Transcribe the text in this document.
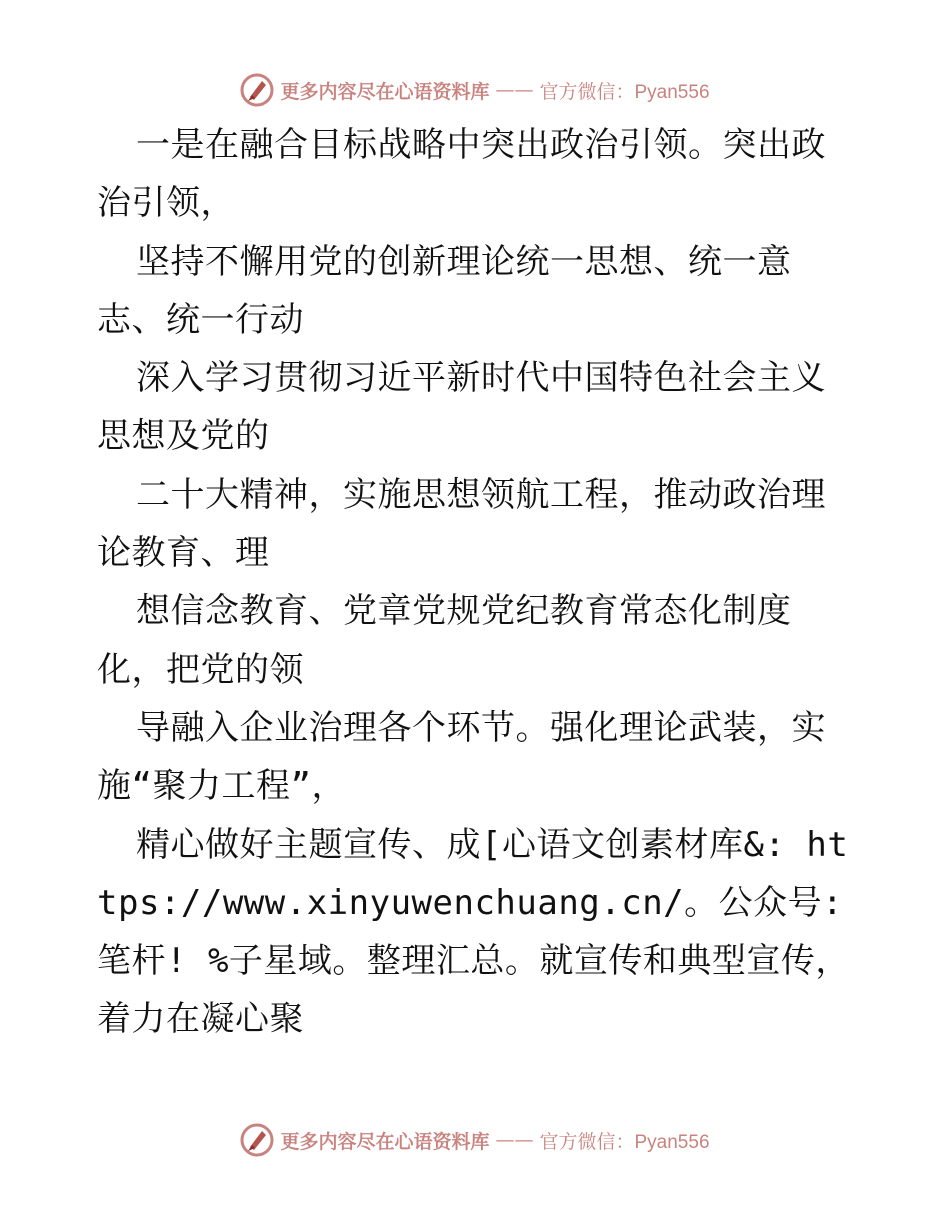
更多内容尽在心语资料库 —— 官方微信：Pyan556

一是在融合目标战略中突出政治引领。突出政治引领，

坚持不懈用党的创新理论统一思想、统一意志、统一行动

深入学习贯彻习近平新时代中国特色社会主义思想及党的

二十大精神，实施思想领航工程，推动政治理论教育、理

想信念教育、党章党规党纪教育常态化制度化，把党的领

导融入企业治理各个环节。强化理论武装，实施“聚力工程”，

精心做好主题宣传、成[心语文创素材库&: https://www.xinyuwenchuang.cn/。公众号: 笔杆! %子星域。整理汇总。就宣传和典型宣传，着力在凝心聚

更多内容尽在心语资料库 —— 官方微信：Pyan556
